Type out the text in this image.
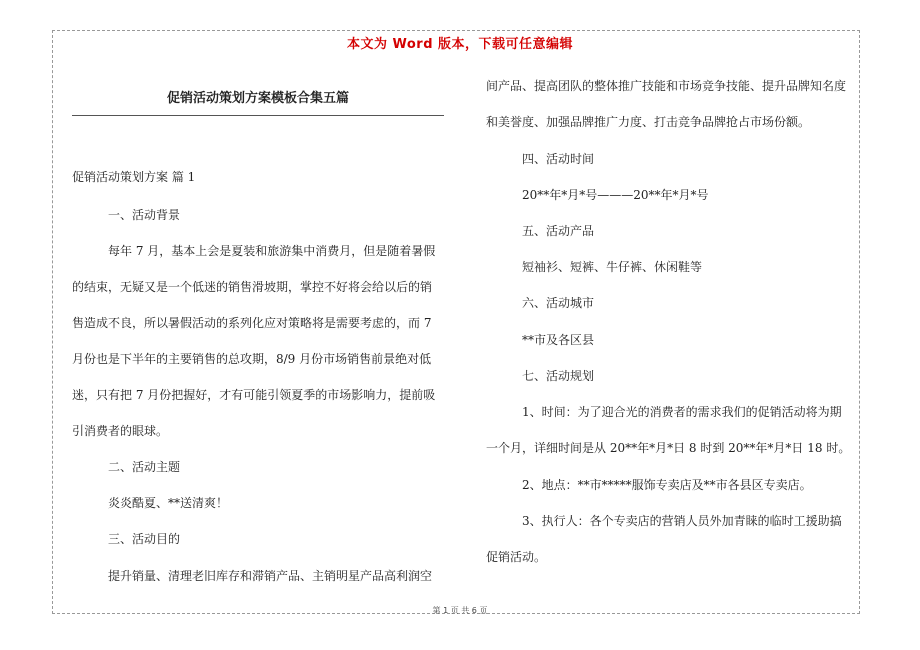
本文为 Word 版本，下载可任意编辑
促销活动策划方案模板合集五篇
促销活动策划方案 篇 1
一、活动背景
每年 7 月，基本上会是夏装和旅游集中消费月，但是随着暑假
的结束，无疑又是一个低迷的销售滑坡期，掌控不好将会给以后的销
售造成不良，所以暑假活动的系列化应对策略将是需要考虑的，而 7
月份也是下半年的主要销售的总攻期，8/9 月份市场销售前景绝对低
迷，只有把 7 月份把握好，才有可能引领夏季的市场影响力，提前吸
引消费者的眼球。
二、活动主题
炎炎酷夏、**送清爽！
三、活动目的
提升销量、清理老旧库存和滞销产品、主销明星产品高利润空
间产品、提高团队的整体推广技能和市场竞争技能、提升品牌知名度
和美誉度、加强品牌推广力度、打击竞争品牌抢占市场份额。
四、活动时间
20**年*月*号———20**年*月*号
五、活动产品
短袖衫、短裤、牛仔裤、休闲鞋等
六、活动城市
**市及各区县
七、活动规划
1、时间：为了迎合光的消费者的需求我们的促销活动将为期
一个月，详细时间是从 20**年*月*日 8 时到 20**年*月*日 18 时。
2、地点：**市*****服饰专卖店及**市各县区专卖店。
3、执行人：各个专卖店的营销人员外加青睐的临时工援助搞
促销活动。
第 1 页 共 6 页
